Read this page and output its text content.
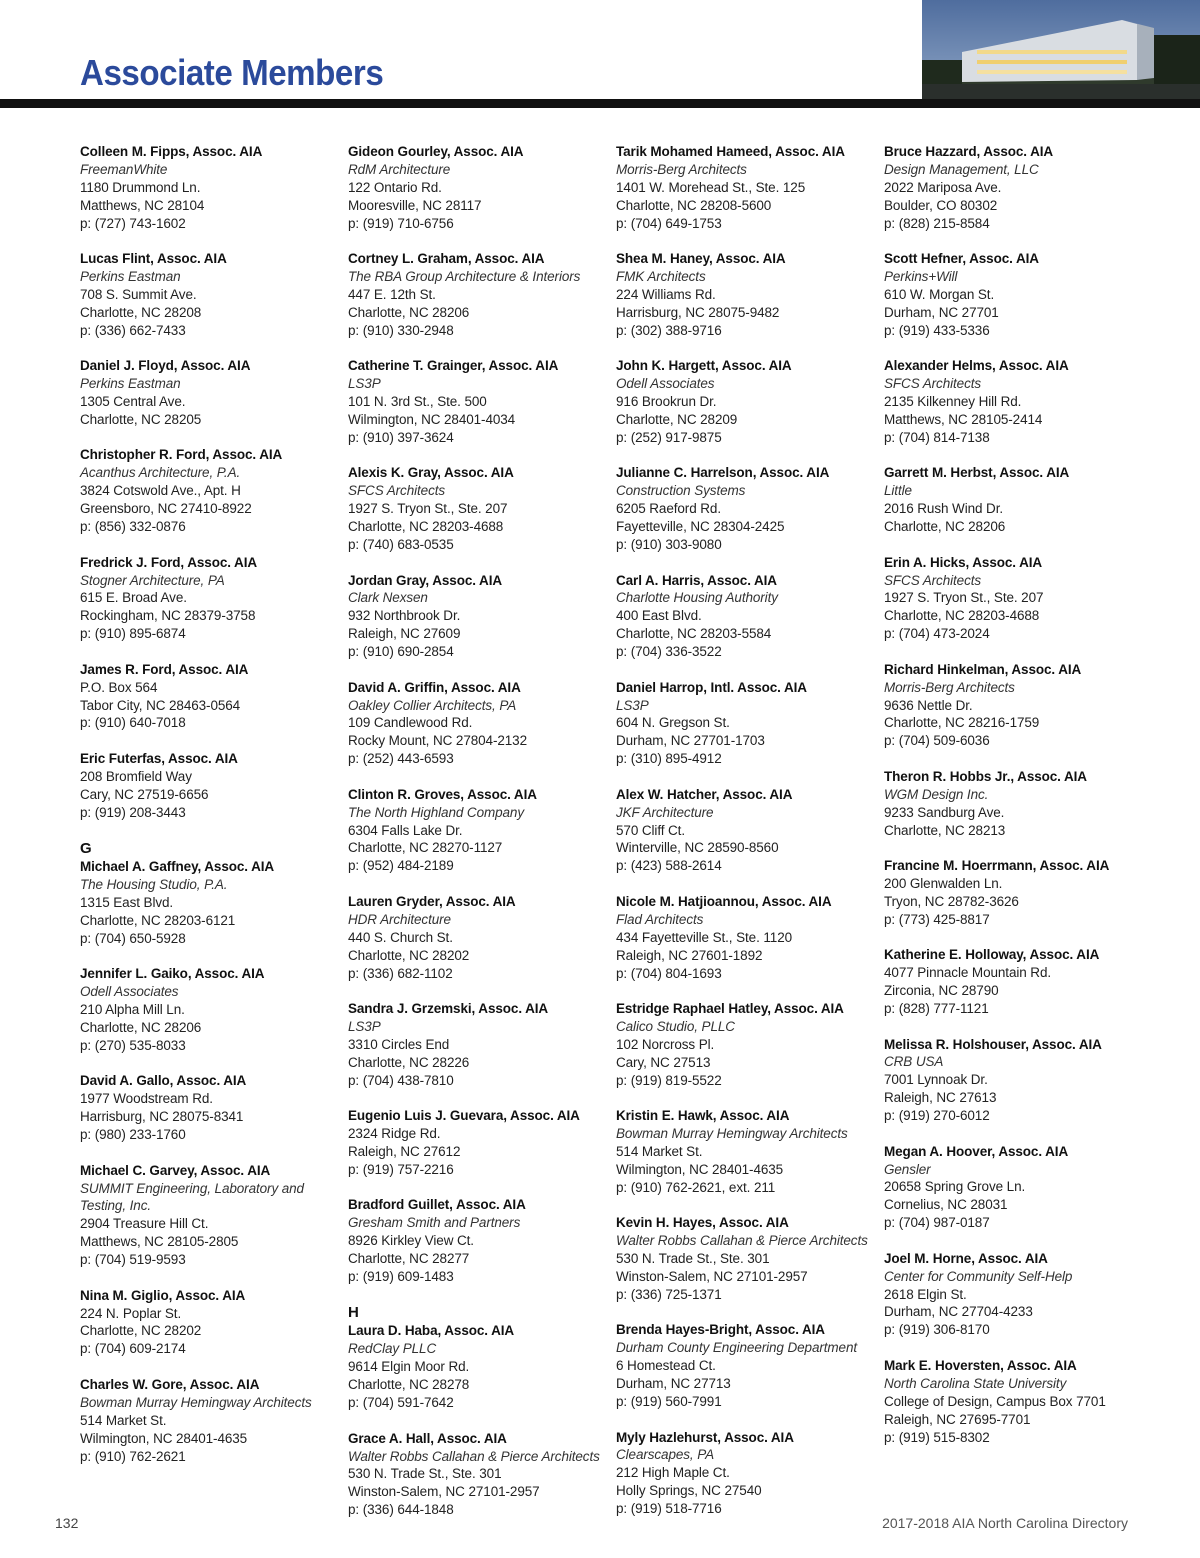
Associate Members
Colleen M. Fipps, Assoc. AIA
FreemanWhite
1180 Drummond Ln.
Matthews, NC 28104
p: (727) 743-1602
Lucas Flint, Assoc. AIA
Perkins Eastman
708 S. Summit Ave.
Charlotte, NC 28208
p: (336) 662-7433
Daniel J. Floyd, Assoc. AIA
Perkins Eastman
1305 Central Ave.
Charlotte, NC 28205
Christopher R. Ford, Assoc. AIA
Acanthus Architecture, P.A.
3824 Cotswold Ave., Apt. H
Greensboro, NC 27410-8922
p: (856) 332-0876
Fredrick J. Ford, Assoc. AIA
Stogner Architecture, PA
615 E. Broad Ave.
Rockingham, NC 28379-3758
p: (910) 895-6874
James R. Ford, Assoc. AIA
P.O. Box 564
Tabor City, NC 28463-0564
p: (910) 640-7018
Eric Futerfas, Assoc. AIA
208 Bromfield Way
Cary, NC 27519-6656
p: (919) 208-3443
G
Michael A. Gaffney, Assoc. AIA
The Housing Studio, P.A.
1315 East Blvd.
Charlotte, NC 28203-6121
p: (704) 650-5928
Jennifer L. Gaiko, Assoc. AIA
Odell Associates
210 Alpha Mill Ln.
Charlotte, NC 28206
p: (270) 535-8033
David A. Gallo, Assoc. AIA
1977 Woodstream Rd.
Harrisburg, NC 28075-8341
p: (980) 233-1760
Michael C. Garvey, Assoc. AIA
SUMMIT Engineering, Laboratory and
Testing, Inc.
2904 Treasure Hill Ct.
Matthews, NC 28105-2805
p: (704) 519-9593
Nina M. Giglio, Assoc. AIA
224 N. Poplar St.
Charlotte, NC 28202
p: (704) 609-2174
Charles W. Gore, Assoc. AIA
Bowman Murray Hemingway Architects
514 Market St.
Wilmington, NC 28401-4635
p: (910) 762-2621
Gideon Gourley, Assoc. AIA
RdM Architecture
122 Ontario Rd.
Mooresville, NC 28117
p: (919) 710-6756
Cortney L. Graham, Assoc. AIA
The RBA Group Architecture & Interiors
447 E. 12th St.
Charlotte, NC 28206
p: (910) 330-2948
Catherine T. Grainger, Assoc. AIA
LS3P
101 N. 3rd St., Ste. 500
Wilmington, NC 28401-4034
p: (910) 397-3624
Alexis K. Gray, Assoc. AIA
SFCS Architects
1927 S. Tryon St., Ste. 207
Charlotte, NC 28203-4688
p: (740) 683-0535
Jordan Gray, Assoc. AIA
Clark Nexsen
932 Northbrook Dr.
Raleigh, NC 27609
p: (910) 690-2854
David A. Griffin, Assoc. AIA
Oakley Collier Architects, PA
109 Candlewood Rd.
Rocky Mount, NC 27804-2132
p: (252) 443-6593
Clinton R. Groves, Assoc. AIA
The North Highland Company
6304 Falls Lake Dr.
Charlotte, NC 28270-1127
p: (952) 484-2189
Lauren Gryder, Assoc. AIA
HDR Architecture
440 S. Church St.
Charlotte, NC 28202
p: (336) 682-1102
Sandra J. Grzemski, Assoc. AIA
LS3P
3310 Circles End
Charlotte, NC 28226
p: (704) 438-7810
Eugenio Luis J. Guevara, Assoc. AIA
2324 Ridge Rd.
Raleigh, NC 27612
p: (919) 757-2216
Bradford Guillet, Assoc. AIA
Gresham Smith and Partners
8926 Kirkley View Ct.
Charlotte, NC 28277
p: (919) 609-1483
H
Laura D. Haba, Assoc. AIA
RedClay PLLC
9614 Elgin Moor Rd.
Charlotte, NC 28278
p: (704) 591-7642
Grace A. Hall, Assoc. AIA
Walter Robbs Callahan & Pierce Architects
530 N. Trade St., Ste. 301
Winston-Salem, NC 27101-2957
p: (336) 644-1848
Tarik Mohamed Hameed, Assoc. AIA
Morris-Berg Architects
1401 W. Morehead St., Ste. 125
Charlotte, NC 28208-5600
p: (704) 649-1753
Shea M. Haney, Assoc. AIA
FMK Architects
224 Williams Rd.
Harrisburg, NC 28075-9482
p: (302) 388-9716
John K. Hargett, Assoc. AIA
Odell Associates
916 Brookrun Dr.
Charlotte, NC 28209
p: (252) 917-9875
Julianne C. Harrelson, Assoc. AIA
Construction Systems
6205 Raeford Rd.
Fayetteville, NC 28304-2425
p: (910) 303-9080
Carl A. Harris, Assoc. AIA
Charlotte Housing Authority
400 East Blvd.
Charlotte, NC 28203-5584
p: (704) 336-3522
Daniel Harrop, Intl. Assoc. AIA
LS3P
604 N. Gregson St.
Durham, NC 27701-1703
p: (310) 895-4912
Alex W. Hatcher, Assoc. AIA
JKF Architecture
570 Cliff Ct.
Winterville, NC 28590-8560
p: (423) 588-2614
Nicole M. Hatjioannou, Assoc. AIA
Flad Architects
434 Fayetteville St., Ste. 1120
Raleigh, NC 27601-1892
p: (704) 804-1693
Estridge Raphael Hatley, Assoc. AIA
Calico Studio, PLLC
102 Norcross Pl.
Cary, NC 27513
p: (919) 819-5522
Kristin E. Hawk, Assoc. AIA
Bowman Murray Hemingway Architects
514 Market St.
Wilmington, NC 28401-4635
p: (910) 762-2621, ext. 211
Kevin H. Hayes, Assoc. AIA
Walter Robbs Callahan & Pierce Architects
530 N. Trade St., Ste. 301
Winston-Salem, NC 27101-2957
p: (336) 725-1371
Brenda Hayes-Bright, Assoc. AIA
Durham County Engineering Department
6 Homestead Ct.
Durham, NC 27713
p: (919) 560-7991
Myly Hazlehurst, Assoc. AIA
Clearscapes, PA
212 High Maple Ct.
Holly Springs, NC 27540
p: (919) 518-7716
Bruce Hazzard, Assoc. AIA
Design Management, LLC
2022 Mariposa Ave.
Boulder, CO 80302
p: (828) 215-8584
Scott Hefner, Assoc. AIA
Perkins+Will
610 W. Morgan St.
Durham, NC 27701
p: (919) 433-5336
Alexander Helms, Assoc. AIA
SFCS Architects
2135 Kilkenney Hill Rd.
Matthews, NC 28105-2414
p: (704) 814-7138
Garrett M. Herbst, Assoc. AIA
Little
2016 Rush Wind Dr.
Charlotte, NC 28206
Erin A. Hicks, Assoc. AIA
SFCS Architects
1927 S. Tryon St., Ste. 207
Charlotte, NC 28203-4688
p: (704) 473-2024
Richard Hinkelman, Assoc. AIA
Morris-Berg Architects
9636 Nettle Dr.
Charlotte, NC 28216-1759
p: (704) 509-6036
Theron R. Hobbs Jr., Assoc. AIA
WGM Design Inc.
9233 Sandburg Ave.
Charlotte, NC 28213
Francine M. Hoerrmann, Assoc. AIA
200 Glenwalden Ln.
Tryon, NC 28782-3626
p: (773) 425-8817
Katherine E. Holloway, Assoc. AIA
4077 Pinnacle Mountain Rd.
Zirconia, NC 28790
p: (828) 777-1121
Melissa R. Holshouser, Assoc. AIA
CRB USA
7001 Lynnoak Dr.
Raleigh, NC 27613
p: (919) 270-6012
Megan A. Hoover, Assoc. AIA
Gensler
20658 Spring Grove Ln.
Cornelius, NC 28031
p: (704) 987-0187
Joel M. Horne, Assoc. AIA
Center for Community Self-Help
2618 Elgin St.
Durham, NC 27704-4233
p: (919) 306-8170
Mark E. Hoversten, Assoc. AIA
North Carolina State University
College of Design, Campus Box 7701
Raleigh, NC 27695-7701
p: (919) 515-8302
132	2017-2018 AIA North Carolina Directory
